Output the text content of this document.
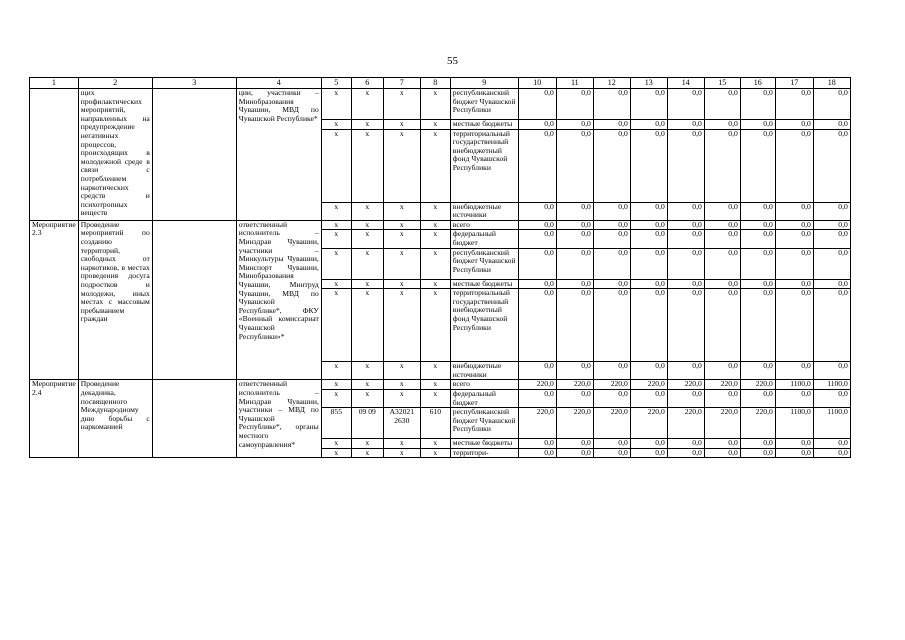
55
1	2	3	4	5	6	7	8	9	10	11	12	13	14	15	16	17	18
	щих профилактических мероприятий, направленных на предупреждение негативных процессов, происходящих в молодежной среде в связи с потреблением наркотических средств и психотропных веществ		ции, участники – Минобразования Чувашии, МВД по Чувашской Республике*	x	x	x	x	республиканский бюджет Чувашской Республики	0,0	0,0	0,0	0,0	0,0	0,0	0,0	0,0	0,0
				x	x	x	x	местные бюджеты	0,0	0,0	0,0	0,0	0,0	0,0	0,0	0,0	0,0
				x	x	x	x	территориальный государственный внебюджетный фонд Чувашской Республики	0,0	0,0	0,0	0,0	0,0	0,0	0,0	0,0	0,0
				x	x	x	x	внебюджетные источники	0,0	0,0	0,0	0,0	0,0	0,0	0,0	0,0	0,0
Мероприятие 2.3	Проведение мероприятий по созданию территорий, свободных от наркотиков, в местах проведения досуга подростков и молодежи, иных местах с массовым пребыванием граждан		ответственный исполнитель – Минздрав Чувашии, участники – Минкультуры Чувашии, Минспорт Чувашии, Минобразования Чувашии, Минтруд Чувашии, МВД по Чувашской Республике*, ФКУ «Военный комиссариат Чувашской Республики»*	x	x	x	x	всего	0,0	0,0	0,0	0,0	0,0	0,0	0,0	0,0	0,0
				x	x	x	x	федеральный бюджет	0,0	0,0	0,0	0,0	0,0	0,0	0,0	0,0	0,0
				x	x	x	x	республиканский бюджет Чувашской Республики	0,0	0,0	0,0	0,0	0,0	0,0	0,0	0,0	0,0
				x	x	x	x	местные бюджеты	0,0	0,0	0,0	0,0	0,0	0,0	0,0	0,0	0,0
				x	x	x	x	территориальный государственный внебюджетный фонд Чувашской Республики	0,0	0,0	0,0	0,0	0,0	0,0	0,0	0,0	0,0
				x	x	x	x	внебюджетные источники	0,0	0,0	0,0	0,0	0,0	0,0	0,0	0,0	0,0
Мероприятие 2.4	Проведение декадника, посвященного Международному дню борьбы с наркоманией		ответственный исполнитель – Минздрав Чувашии, участники – МВД по Чувашской Республике*, органы местного самоуправления*	x	x	x	x	всего	220,0	220,0	220,0	220,0	220,0	220,0	220,0	1100,0	1100,0
				x	x	x	x	федеральный бюджет	0,0	0,0	0,0	0,0	0,0	0,0	0,0	0,0	0,0
				855	09 09	А32021 2630	610	республиканский бюджет Чувашской Республики	220,0	220,0	220,0	220,0	220,0	220,0	220,0	1100,0	1100,0
				x	x	x	x	местные бюджеты	0,0	0,0	0,0	0,0	0,0	0,0	0,0	0,0	0,0
				x	x	x	x	территори-	0,0	0,0	0,0	0,0	0,0	0,0	0,0	0,0	0,0
